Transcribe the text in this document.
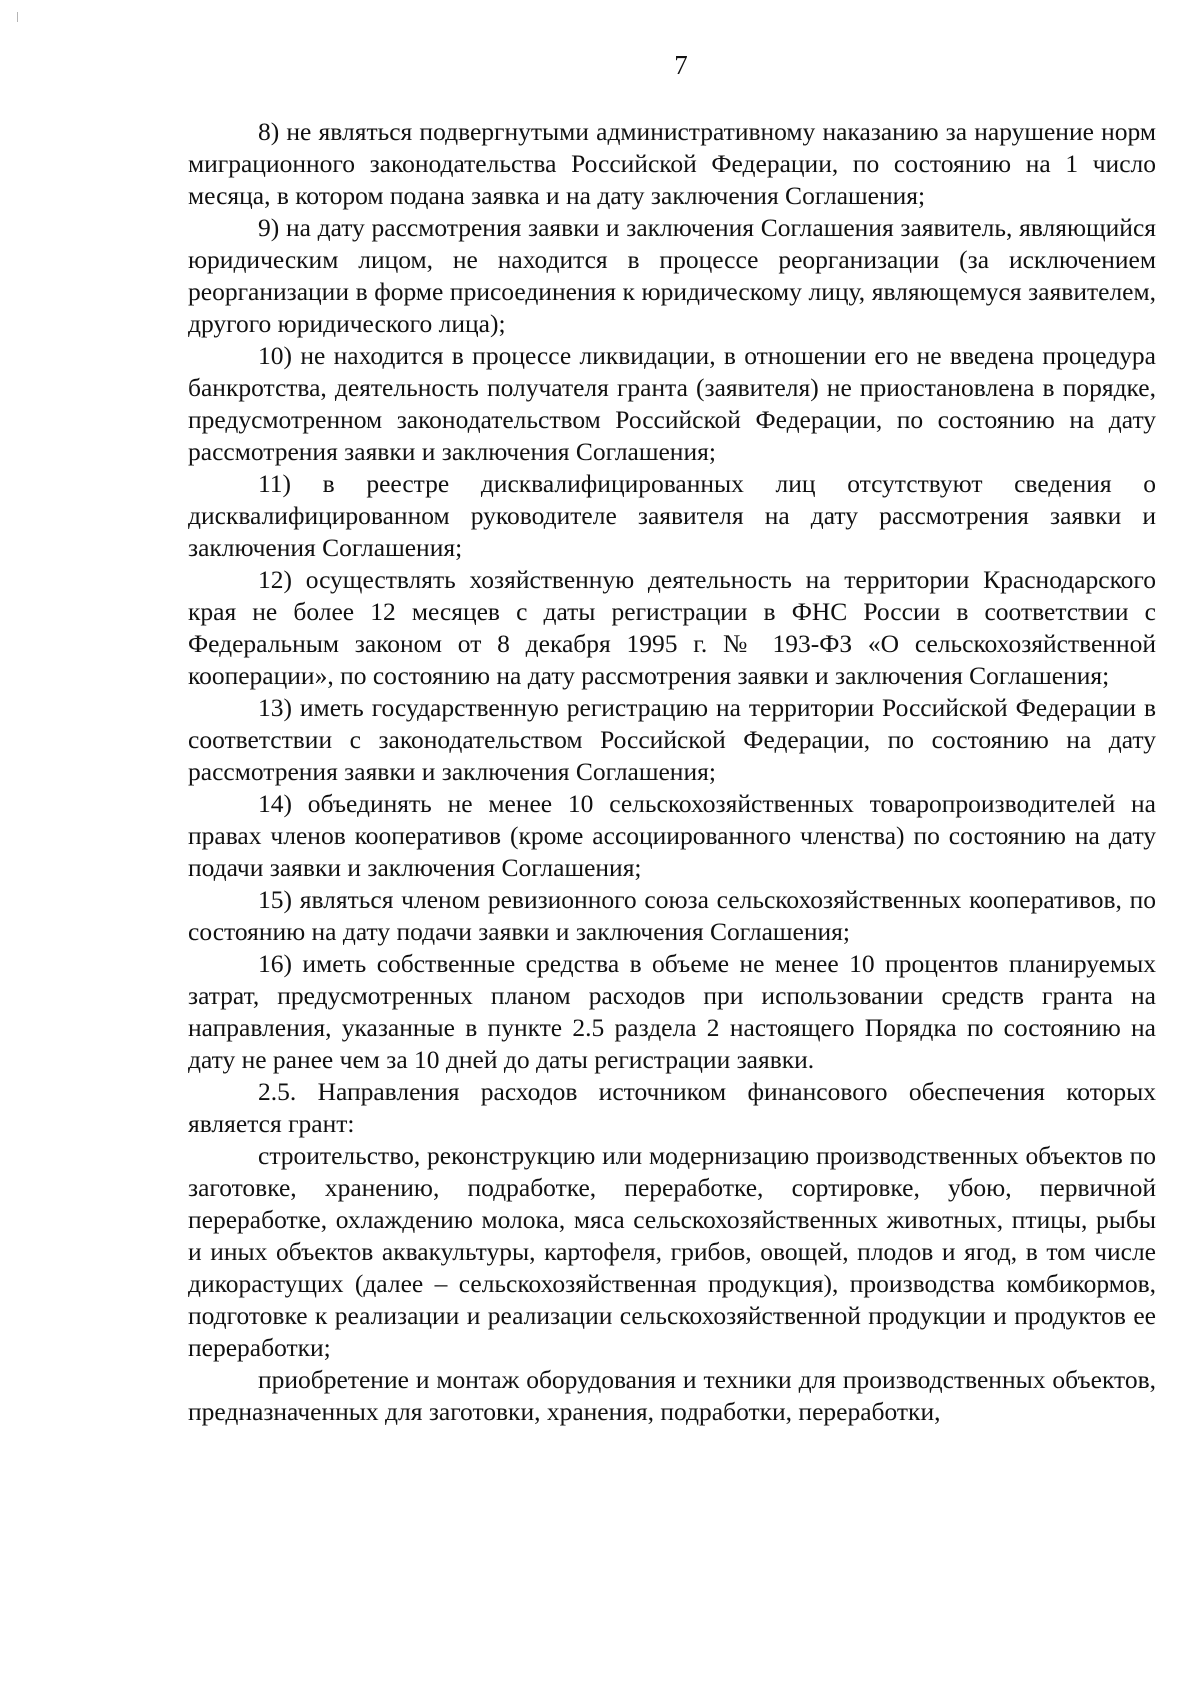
7

8) не являться подвергнутыми административному наказанию за нарушение норм миграционного законодательства Российской Федерации, по состоянию на 1 число месяца, в котором подана заявка и на дату заключения Соглашения;

9) на дату рассмотрения заявки и заключения Соглашения заявитель, являющийся юридическим лицом, не находится в процессе реорганизации (за исключением реорганизации в форме присоединения к юридическому лицу, являющемуся заявителем, другого юридического лица);

10) не находится в процессе ликвидации, в отношении его не введена процедура банкротства, деятельность получателя гранта (заявителя) не приостановлена в порядке, предусмотренном законодательством Российской Федерации, по состоянию на дату рассмотрения заявки и заключения Соглашения;

11) в реестре дисквалифицированных лиц отсутствуют сведения о дисквалифицированном руководителе заявителя на дату рассмотрения заявки и заключения Соглашения;

12) осуществлять хозяйственную деятельность на территории Краснодарского края не более 12 месяцев с даты регистрации в ФНС России в соответствии с Федеральным законом от 8 декабря 1995 г. № 193-ФЗ «О сельскохозяйственной кооперации», по состоянию на дату рассмотрения заявки и заключения Соглашения;

13) иметь государственную регистрацию на территории Российской Федерации в соответствии с законодательством Российской Федерации, по состоянию на дату рассмотрения заявки и заключения Соглашения;

14) объединять не менее 10 сельскохозяйственных товаропроизводителей на правах членов кооперативов (кроме ассоциированного членства) по состоянию на дату подачи заявки и заключения Соглашения;

15) являться членом ревизионного союза сельскохозяйственных кооперативов, по состоянию на дату подачи заявки и заключения Соглашения;

16) иметь собственные средства в объеме не менее 10 процентов планируемых затрат, предусмотренных планом расходов при использовании средств гранта на направления, указанные в пункте 2.5 раздела 2 настоящего Порядка по состоянию на дату не ранее чем за 10 дней до даты регистрации заявки.

2.5. Направления расходов источником финансового обеспечения которых является грант:

строительство, реконструкцию или модернизацию производственных объектов по заготовке, хранению, подработке, переработке, сортировке, убою, первичной переработке, охлаждению молока, мяса сельскохозяйственных животных, птицы, рыбы и иных объектов аквакультуры, картофеля, грибов, овощей, плодов и ягод, в том числе дикорастущих (далее – сельскохозяйственная продукция), производства комбикормов, подготовке к реализации и реализации сельскохозяйственной продукции и продуктов ее переработки;

приобретение и монтаж оборудования и техники для производственных объектов, предназначенных для заготовки, хранения, подработки, переработки,
